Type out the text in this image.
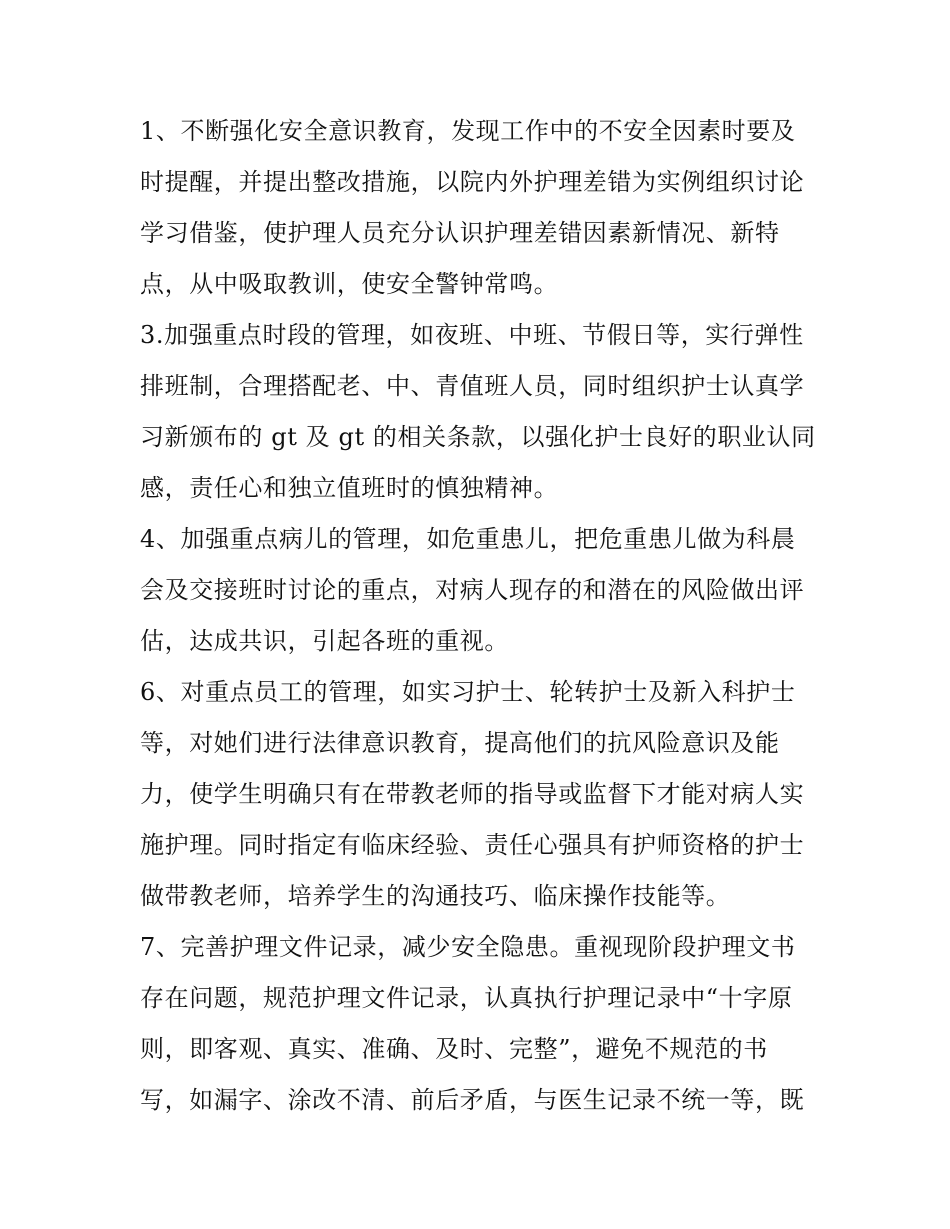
1、不断强化安全意识教育，发现工作中的不安全因素时要及
时提醒，并提出整改措施，以院内外护理差错为实例组织讨论
学习借鉴，使护理人员充分认识护理差错因素新情况、新特
点，从中吸取教训，使安全警钟常鸣。
3.加强重点时段的管理，如夜班、中班、节假日等，实行弹性
排班制，合理搭配老、中、青值班人员，同时组织护士认真学
习新颁布的 gt 及 gt 的相关条款，以强化护士良好的职业认同
感，责任心和独立值班时的慎独精神。
4、加强重点病儿的管理，如危重患儿，把危重患儿做为科晨
会及交接班时讨论的重点，对病人现存的和潜在的风险做出评
估，达成共识，引起各班的重视。
6、对重点员工的管理，如实习护士、轮转护士及新入科护士
等，对她们进行法律意识教育，提高他们的抗风险意识及能
力，使学生明确只有在带教老师的指导或监督下才能对病人实
施护理。同时指定有临床经验、责任心强具有护师资格的护士
做带教老师，培养学生的沟通技巧、临床操作技能等。
7、完善护理文件记录，减少安全隐患。重视现阶段护理文书
存在问题，规范护理文件记录，认真执行护理记录中“十字原
则，即客观、真实、准确、及时、完整”，避免不规范的书
写，如漏字、涂改不清、前后矛盾，与医生记录不统一等，既
